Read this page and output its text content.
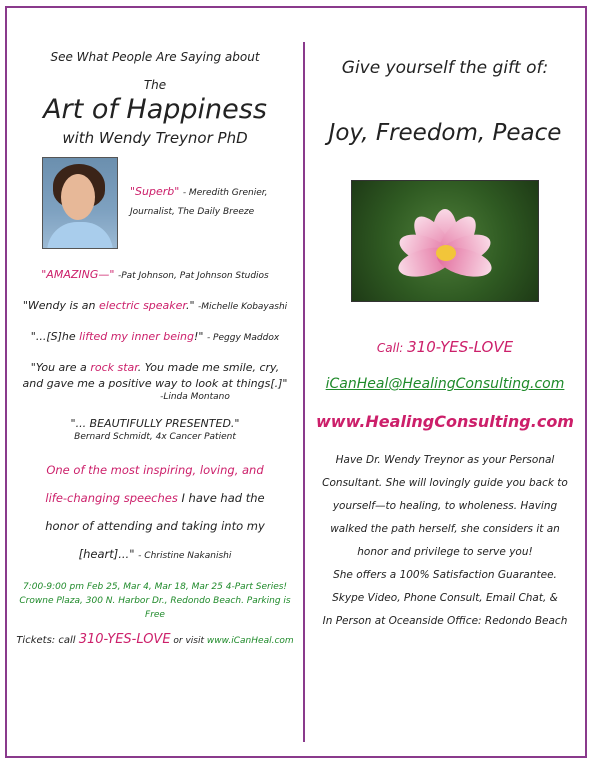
See What People Are Saying about

The

Art of Happiness

with Wendy Treynor PhD

"Superb" - Meredith Grenier,
Journalist, The Daily Breeze

"AMAZING—" -Pat Johnson, Pat Johnson Studios

"Wendy is an electric speaker." -Michelle Kobayashi

"...[S]he lifted my inner being!" - Peggy Maddox

"You are a rock star. You made me smile, cry,
and gave me a positive way to look at things[.]"

-Linda Montano

"... BEAUTIFULLY PRESENTED."

Bernard Schmidt, 4x Cancer Patient

One of the most inspiring, loving, and
life-changing speeches I have had the
honor of attending and taking into my
[heart]..." - Christine Nakanishi
7:00-9:00 pm Feb 25, Mar 4, Mar 18, Mar 25 4-Part Series!
Crowne Plaza, 300 N. Harbor Dr., Redondo Beach. Parking is Free

Tickets: call 310-YES-LOVE or visit www.iCanHeal.com

Give yourself the gift of:

Joy, Freedom, Peace

Call: 310-YES-LOVE

iCanHeal@HealingConsulting.com

www.HealingConsulting.com

Have Dr. Wendy Treynor as your Personal
Consultant. She will lovingly guide you back to
yourself—to healing, to wholeness. Having
walked the path herself, she considers it an
honor and privilege to serve you!
She offers a 100% Satisfaction Guarantee.
Skype Video, Phone Consult, Email Chat, &
In Person at Oceanside Office: Redondo Beach
